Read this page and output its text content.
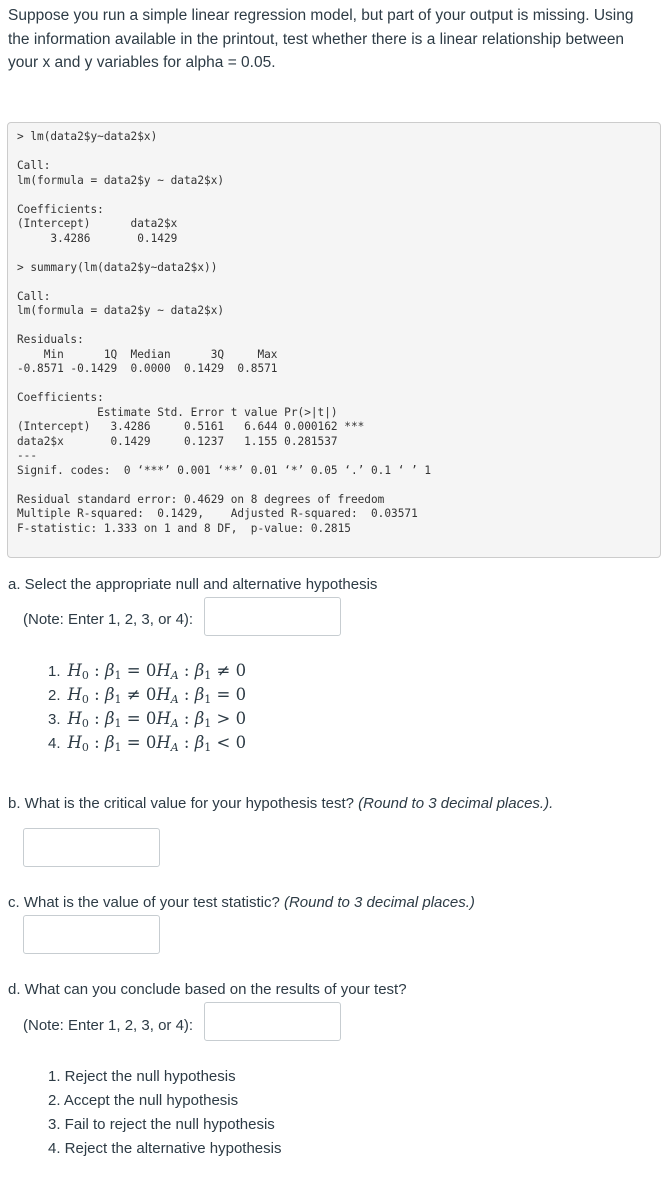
Suppose you run a simple linear regression model, but part of your output is missing. Using the information available in the printout, test whether there is a linear relationship between your x and y variables for alpha = 0.05.

> lm(data2$y~data2$x)

Call:
lm(formula = data2$y ~ data2$x)

Coefficients:
(Intercept)      data2$x
3.4286       0.1429

> summary(lm(data2$y~data2$x))

Call:
lm(formula = data2$y ~ data2$x)

Residuals:
Min      1Q  Median      3Q     Max
-0.8571 -0.1429  0.0000  0.1429  0.8571

Coefficients:
Estimate Std. Error t value Pr(>|t|)
(Intercept)   3.4286     0.5161   6.644 0.000162 ***
data2$x       0.1429     0.1237   1.155 0.281537
---
Signif. codes:  0 ‘***’ 0.001 ‘**’ 0.01 ‘*’ 0.05 ‘.’ 0.1 ‘ ’ 1

Residual standard error: 0.4629 on 8 degrees of freedom
Multiple R-squared:  0.1429,	Adjusted R-squared:  0.03571
F-statistic: 1.333 on 1 and 8 DF,  p-value: 0.2815

a. Select the appropriate null and alternative hypothesis

(Note: Enter 1, 2, 3, or 4):

1. $H_0$ : $\beta_1 = 0H_A$ : $\beta_1 \ne 0$
2. $H_0$ : $\beta_1 \ne 0H_A$ : $\beta_1 = 0$
3. $H_0$ : $\beta_1 = 0H_A$ : $\beta_1 > 0$
4. $H_0$ : $\beta_1 = 0H_A$ : $\beta_1 < 0$

b. What is the critical value for your hypothesis test? (Round to 3 decimal places.).

c. What is the value of your test statistic? (Round to 3 decimal places.)

d. What can you conclude based on the results of your test?

(Note: Enter 1, 2, 3, or 4):

1. Reject the null hypothesis
2. Accept the null hypothesis
3. Fail to reject the null hypothesis
4. Reject the alternative hypothesis
